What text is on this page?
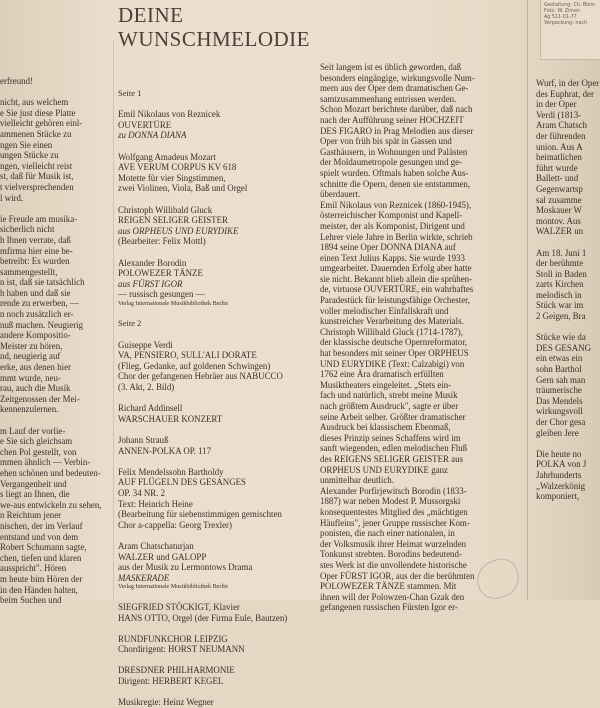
DEINE
WUNSCHMELODIE
erfreund!
nicht, aus welchem
e Sie just diese Platte
vielleicht gehören einl-
ammenen Stücke zu
ngen Sie einen
ungen Stücke zu
ngen, vielleicht reist
st, daß für Musik ist,
t vielversprechenden
l wird.
ie Freude am musika-
sicherlich nicht
h Ihnen verrate, daß
mfirma hier eine be-
betreibt: Es wurden
sammengestellt,
n ist, daß sie tatsächlich
h haben und daß sie
rende zu erwerben, —
n noch zusätzlich er-
nuß machen. Neugierig
andere Kompositio-
Meister zu hören,
nd, neugierig auf
erke, aus denen hier
mmt wurde, neu-
rau, auch die Musik
Zeitgenossen der Mei-
kennenzulernen.
m Lauf der vorlie-
e Sie sich gleichsam
chen Pol gestellt, von
mmen ähnlich — Verbin-
ehen schönen und bedeuten-
Vergangenheit und
s liegt an Ihnen, die
we-aus entwickeln zu sehen,
n Reichtum jener
nischen, der im Verlauf
entstand und von dem
Robert Schumann sagte,
chen, tiefen und klaren
ausspricht". Hören
m heute bim Hören der
in den Händen halten,
beim Suchen und
Seite 1
Emil Nikolaus von Reznicek
OUVERTÜRE
zu DONNA DIANA
Wolfgang Amadeus Mozart
AVE VERUM CORPUS KV 618
Motette für vier Singstimmen,
zwei Violinen, Viola, Baß und Orgel
Christoph Willibald Gluck
REIGEN SELIGER GEISTER
aus ORPHEUS UND EURYDIKE
(Bearbeiter: Felix Mottl)
Alexander Borodin
POLOWEZER TÄNZE
aus FÜRST IGOR
— russisch gesungen —
Verlag Internationale Musikbibliothek Berlin
Seite 2
Guiseppe Verdi
VA, PENSIERO, SULL'ALI DORATE
(Flieg, Gedanke, auf goldenen Schwingen)
Chor der gefangenen Hebräer aus NABUCCO
(3. Akt, 2. Bild)
Richard Addinsell
WARSCHAUER KONZERT
Johann Strauß
ANNEN-POLKA OP. 117
Felix Mendelssohn Bartholdy
AUF FLÜGELN DES GESANGES
OP. 34 NR. 2
Text: Heinrich Heine
(Bearbeitung für siebenstimmigen gemischten
Chor a-cappella: Georg Trexler)
Aram Chatschaturjan
WALZER und GALOPP
aus der Musik zu Lermontows Drama
MASKERADE
Verlag Internationale Musikbibliothek Berlin
SIEGFRIED STÖCKIGT, Klavier
HANS OTTO, Orgel (der Firma Eule, Bautzen)
RUNDFUNKCHOR LEIPZIG
Chordirigent: HORST NEUMANN
DRESDNER PHILHARMONIE
Dirigent: HERBERT KEGEL
Musikregie: Heinz Wegner
Seit langem ist es üblich geworden, daß
besonders eingängige, wirkungsvolle Num-
mern aus der Oper dem dramatischen Ge-
samtzusammenhang entrissen werden.
Schon Mozart berichtete darüber, daß nach
nach der Aufführung seiner HOCHZEIT
DES FIGARO in Prag Melodien aus dieser
Oper von früh bis spät in Gassen und
Gasthäusern, in Wohnungen und Palästen
der Moldaumetropole gesungen und ge-
spielt wurden. Oftmals haben solche Aus-
schnitte die Opern, denen sie entstammen,
überdauert.
Emil Nikolaus von Reznicek (1860-1945),
österreichischer Komponist und Kapell-
meister, der als Komponist, Dirigent und
Lehrer viele Jahre in Berlin wirkte, schrieb
1894 seine Oper DONNA DIANA auf
einen Text Julius Kapps. Sie wurde 1933
umgearbeitet. Dauernden Erfolg aber hatte
sie nicht. Bekannt blieb allein die sprühen-
de, virtuose OUVERTÜRE, ein wahrhaftes
Paradestück für leistungsfähige Orchester,
voller melodischer Einfallskraft und
kunstreicher Verarbeitung des Materials.
Christoph Willibald Gluck (1714-1787),
der klassische deutsche Opernreformator,
hat besonders mit seiner Oper ORPHEUS
UND EURYDIKE (Text: Calzabigi) von
1762 eine Ära dramatisch erfüllten
Musiktheaters eingeleitet. „Stets ein-
fach und natürlich, strebt meine Musik
nach größtem Ausdruck", sagte er über
seine Arbeit selber. Größter dramatischer
Ausdruck bei klassischem Ebenmaß,
dieses Prinzip seines Schaffens wird im
sanft wiegenden, edlen melodischen Fluß
des REIGENS SELIGER GEISTER aus
ORPHEUS UND EURYDIKE ganz
unmittelbar deutlich.
Alexander Porfirjewitsch Borodin (1833-
1887) war neben Modest P. Mussorgski
konsequentestes Mitglied des „mächtigen
Häufleins", jener Gruppe russischer Kom-
ponisten, die nach einer nationalen, in
der Volksmusik ihrer Heimat wurzelnden
Tonkunst strebten. Borodins bedeutend-
stes Werk ist die unvollendete historische
Oper FÜRST IGOR, aus der die berühmten
POLOWEZER TÄNZE stammen. Mit
ihnen will der Polowzen-Chan Gzak den
gefangenen russischen Fürsten Igor er-
Wurf, in der Oper
des Euphrat, der
in der Oper
Verdi (1813-
Aram Chatsch
der führenden
union. Aus A
heimatlichen
führt wurde
Ballett- und
Gegenwartsp
sal zusamme
Moskauer W
montov. Aus
WALZER un
Am 18. Juni 1
der berühmte
Stoll in Baden
zarts Kirchen
melodisch in
Stück war im
2 Geigen, Bra
Stücke wie da
DES GESANG
ein etwas ein
sohn Barthol
Gern sah man
träumerische
Das Mendels
wirkungsvoll
der Chor gesa
gleiben Jere
Die heute no
POLKA von J
Jahrhunderts
„Walzerkönig
komponiert,
Gestaltung: Ch. Blom
Foto: W. Ziman
Ag 511-01-77
Verpackung: nach
